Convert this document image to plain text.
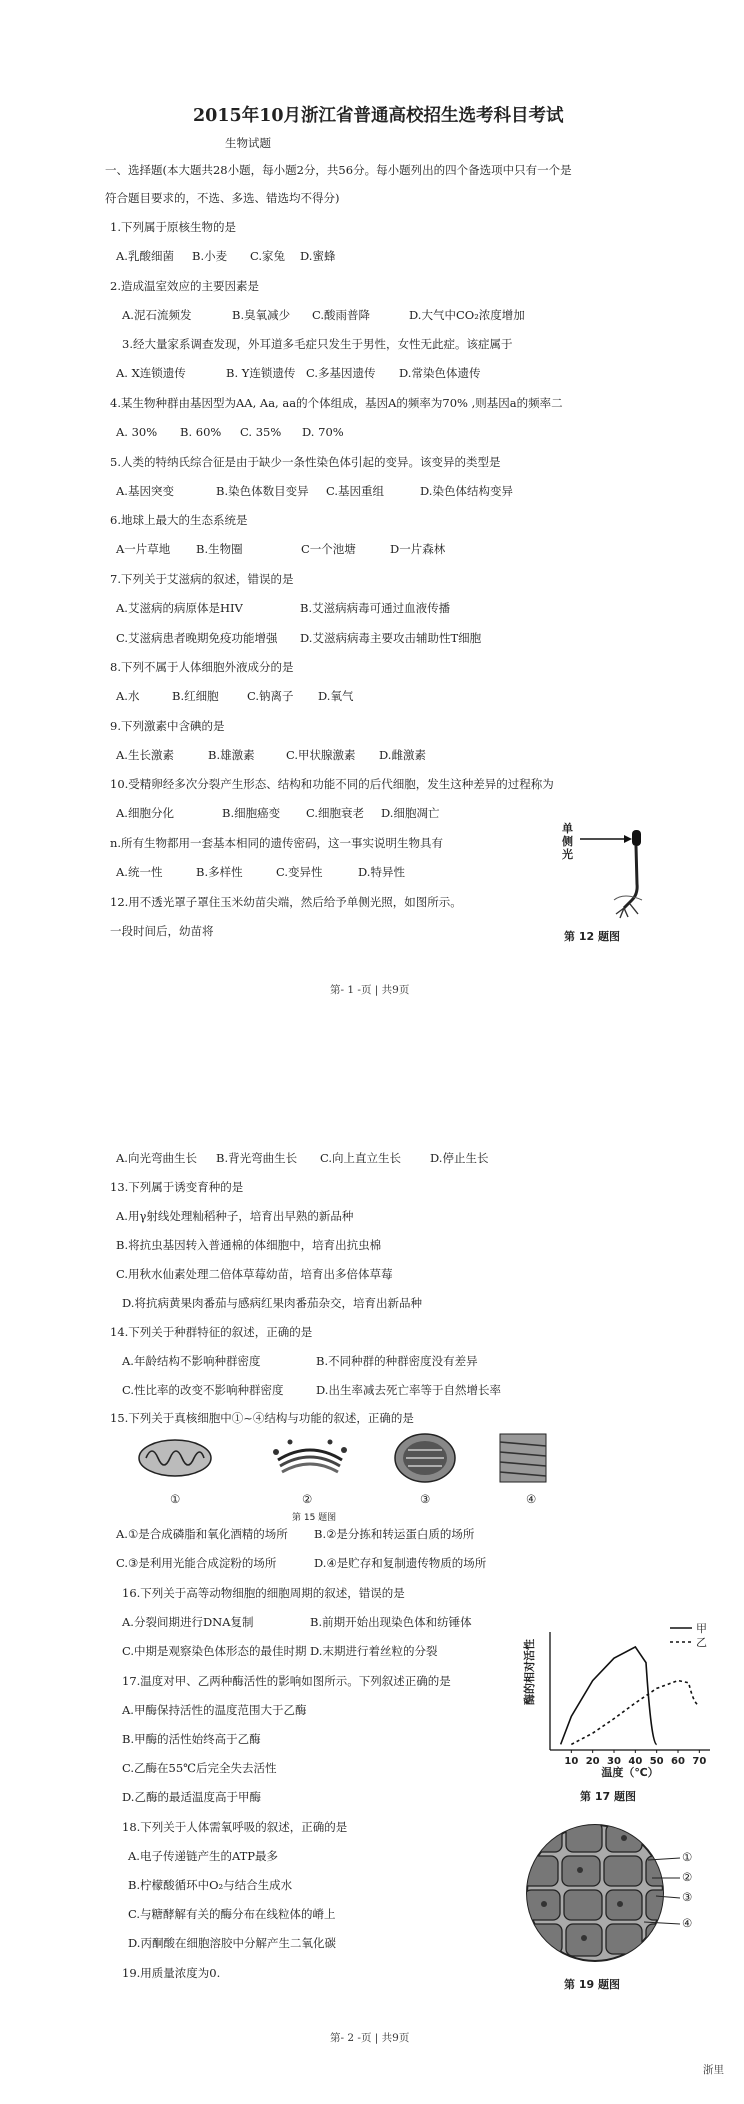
2015年10月浙江省普通高校招生选考科目考试
生物试题
一、选择题(本大题共28小题，每小题2分，共56分。每小题列出的四个备选项中只有一个是
符合题目要求的，不选、多选、错选均不得分)
1.下列属于原核生物的是
A.乳酸细菌 B.小麦 C.家兔 D.蜜蜂
2.造成温室效应的主要因素是
A.泥石流频发	B.臭氧减少 C.酸雨普降	D.大气中CO₂浓度增加
3.经大量家系调查发现，外耳道多毛症只发生于男性，女性无此症。该症属于
A. X连锁遗传	B. Y连锁遗传 C.多基因遗传 D.常染色体遗传
4.某生物种群由基因型为AA, Aa, aa的个体组成，基因A的频率为70% ,则基因a的频率二
A. 30% B. 60% C. 35% D. 70%
5.人类的特纳氏综合征是由于缺少一条性染色体引起的变异。该变异的类型是
A.基因突变	B.染色体数目变异 C.基因重组	D.染色体结构变异
6.地球上最大的生态系统是
A一片草地 B.生物圈	C一个池塘	D一片森林
7.下列关于艾滋病的叙述，错误的是
A.艾滋病的病原体是HIV	B.艾滋病病毒可通过血液传播
C.艾滋病患者晚期免疫功能增强 D.艾滋病病毒主要攻击辅助性T细胞
8.下列不属于人体细胞外液成分的是
A.水	B.红细胞 C.钠离子 D.氧气
9.下列激素中含碘的是
A.生长激素	B.雄激素	C.甲状腺激素 D.雌激素
10.受精卵经多次分裂产生形态、结构和功能不同的后代细胞，发生这种差异的过程称为
A.细胞分化	B.细胞癌变 C.细胞衰老 D.细胞凋亡
n.所有生物都用一套基本相同的遗传密码，这一事实说明生物具有
A.统一性	B.多样性	C.变异性	D.特异性
12.用不透光罩子罩住玉米幼苗尖端，然后给予单侧光照，如图所示。
一段时间后，幼苗将
单
侧
光
第 12 题图
第- 1 -页 | 共9页
A.向光弯曲生长 B.背光弯曲生长 C.向上直立生长	D.停止生长
13.下列属于诱变育种的是
A.用γ射线处理籼稻种子，培育出早熟的新品种
B.将抗虫基因转入普通棉的体细胞中，培育出抗虫棉
C.用秋水仙素处理二倍体草莓幼苗，培育出多倍体草莓
D.将抗病黄果肉番茄与感病红果肉番茄杂交，培育出新品种
14.下列关于种群特征的叙述，正确的是
A.年龄结构不影响种群密度	B.不同种群的种群密度没有差异
C.性比率的改变不影响种群密度	D.出生率减去死亡率等于自然增长率
15.下列关于真核细胞中①~④结构与功能的叙述，正确的是
①	②	③	④
第 15 题图
A.①是合成磷脂和氧化酒精的场所 B.②是分拣和转运蛋白质的场所
C.③是利用光能合成淀粉的场所	D.④是贮存和复制遗传物质的场所
16.下列关于高等动物细胞的细胞周期的叙述，错误的是
A.分裂间期进行DNA复制	B.前期开始出现染色体和纺锤体
C.中期是观察染色体形态的最佳时期 D.末期进行着丝粒的分裂
17.温度对甲、乙两种酶活性的影响如图所示。下列叙述正确的是
A.甲酶保持活性的温度范围大于乙酶
B.甲酶的活性始终高于乙酶
C.乙酶在55℃后完全失去活性
D.乙酶的最适温度高于甲酶
10 20 30 40 50 60 70
甲
乙
酶的相对活性
温度（℃）
第 17 题图
18.下列关于人体需氧呼吸的叙述，正确的是
A.电子传递链产生的ATP最多
B.柠檬酸循环中O₂与结合生成水
C.与糖酵解有关的酶分布在线粒体的嵴上
D.丙酮酸在细胞溶胶中分解产生二氧化碳
19.用质量浓度为0.
①
②
③
④
第 19 题图
第- 2 -页 | 共9页
浙里
